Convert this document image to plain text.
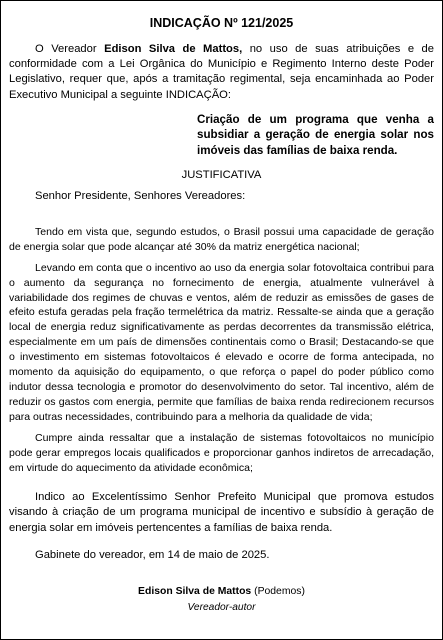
INDICAÇÃO Nº 121/2025

O Vereador Edison Silva de Mattos, no uso de suas atribuições e de conformidade com a Lei Orgânica do Município e Regimento Interno deste Poder Legislativo, requer que, após a tramitação regimental, seja encaminhada ao Poder Executivo Municipal a seguinte INDICAÇÃO:

Criação de um programa que venha a subsidiar a geração de energia solar nos imóveis das famílias de baixa renda.

JUSTIFICATIVA

Senhor Presidente, Senhores Vereadores:

Tendo em vista que, segundo estudos, o Brasil possui uma capacidade de geração de energia solar que pode alcançar até 30% da matriz energética nacional;

Levando em conta que o incentivo ao uso da energia solar fotovoltaica contribui para o aumento da segurança no fornecimento de energia, atualmente vulnerável à variabilidade dos regimes de chuvas e ventos, além de reduzir as emissões de gases de efeito estufa geradas pela fração termelétrica da matriz. Ressalte-se ainda que a geração local de energia reduz significativamente as perdas decorrentes da transmissão elétrica, especialmente em um país de dimensões continentais como o Brasil; Destacando-se que o investimento em sistemas fotovoltaicos é elevado e ocorre de forma antecipada, no momento da aquisição do equipamento, o que reforça o papel do poder público como indutor dessa tecnologia e promotor do desenvolvimento do setor. Tal incentivo, além de reduzir os gastos com energia, permite que famílias de baixa renda redirecionem recursos para outras necessidades, contribuindo para a melhoria da qualidade de vida;

Cumpre ainda ressaltar que a instalação de sistemas fotovoltaicos no município pode gerar empregos locais qualificados e proporcionar ganhos indiretos de arrecadação, em virtude do aquecimento da atividade econômica;

Indico ao Excelentíssimo Senhor Prefeito Municipal que promova estudos visando à criação de um programa municipal de incentivo e subsídio à geração de energia solar em imóveis pertencentes a famílias de baixa renda.

Gabinete do vereador, em 14 de maio de 2025.

Edison Silva de Mattos (Podemos)

Vereador-autor
